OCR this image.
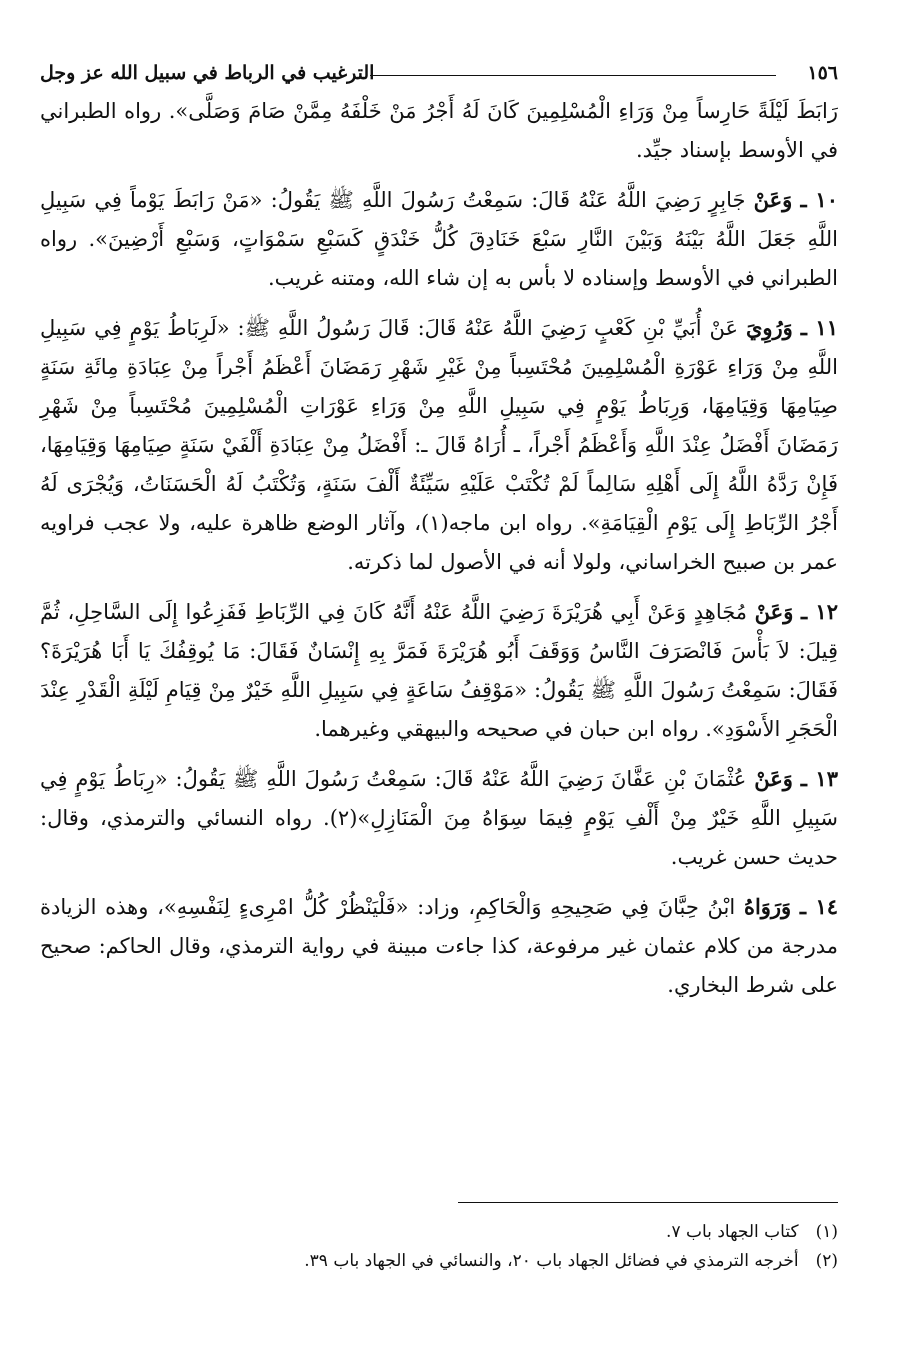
١٥٦
الترغيب في الرباط في سبيل الله عز وجل

رَابَطَ لَيْلَةً حَارِساً مِنْ وَرَاءِ الْمُسْلِمِينَ كَانَ لَهُ أَجْرُ مَنْ خَلْفَهُ مِمَّنْ صَامَ وَصَلَّى». رواه الطبراني في الأوسط بإسناد جيِّد.

١٠ ـ وَعَنْ جَابِرٍ رَضِيَ اللَّهُ عَنْهُ قَالَ: سَمِعْتُ رَسُولَ اللَّهِ ﷺ يَقُولُ: «مَنْ رَابَطَ يَوْماً فِي سَبِيلِ اللَّهِ جَعَلَ اللَّهُ بَيْنَهُ وَبَيْنَ النَّارِ سَبْعَ خَنَادِقَ كُلُّ خَنْدَقٍ كَسَبْعِ سَمْوَاتٍ، وَسَبْعِ أَرْضِينَ». رواه الطبراني في الأوسط وإسناده لا بأس به إن شاء الله، ومتنه غريب.

١١ ـ وَرُوِيَ عَنْ أُبَيِّ بْنِ كَعْبٍ رَضِيَ اللَّهُ عَنْهُ قَالَ: قَالَ رَسُولُ اللَّهِ ﷺ: «لَرِبَاطُ يَوْمٍ فِي سَبِيلِ اللَّهِ مِنْ وَرَاءِ عَوْرَةِ الْمُسْلِمِينَ مُحْتَسِباً مِنْ غَيْرِ شَهْرِ رَمَضَانَ أَعْظَمُ أَجْراً مِنْ عِبَادَةِ مِائَةِ سَنَةٍ صِيَامِهَا وَقِيَامِهَا، وَرِبَاطُ يَوْمٍ فِي سَبِيلِ اللَّهِ مِنْ وَرَاءِ عَوْرَاتِ الْمُسْلِمِينَ مُحْتَسِباً مِنْ شَهْرِ رَمَضَانَ أَفْضَلُ عِنْدَ اللَّهِ وَأَعْظَمُ أَجْراً، ـ أُرَاهُ قَالَ ـ: أَفْضَلُ مِنْ عِبَادَةِ أَلْفَيْ سَنَةٍ صِيَامِهَا وَقِيَامِهَا، فَإِنْ رَدَّهُ اللَّهُ إِلَى أَهْلِهِ سَالِماً لَمْ تُكْتَبْ عَلَيْهِ سَيِّئَةٌ أَلْفَ سَنَةٍ، وَتُكْتَبُ لَهُ الْحَسَنَاتُ، وَيُجْرَى لَهُ أَجْرُ الرِّبَاطِ إِلَى يَوْمِ الْقِيَامَةِ». رواه ابن ماجه(١)، وآثار الوضع ظاهرة عليه، ولا عجب فراويه عمر بن صبيح الخراساني، ولولا أنه في الأصول لما ذكرته.

١٢ ـ وَعَنْ مُجَاهِدٍ وَعَنْ أَبِي هُرَيْرَةَ رَضِيَ اللَّهُ عَنْهُ أَنَّهُ كَانَ فِي الرِّبَاطِ فَفَزِعُوا إِلَى السَّاحِلِ، ثُمَّ قِيلَ: لاَ بَأْسَ فَانْصَرَفَ النَّاسُ وَوَقَفَ أَبُو هُرَيْرَةَ فَمَرَّ بِهِ إِنْسَانٌ فَقَالَ: مَا يُوقِفُكَ يَا أَبَا هُرَيْرَةَ؟ فَقَالَ: سَمِعْتُ رَسُولَ اللَّهِ ﷺ يَقُولُ: «مَوْقِفُ سَاعَةٍ فِي سَبِيلِ اللَّهِ خَيْرٌ مِنْ قِيَامِ لَيْلَةِ الْقَدْرِ عِنْدَ الْحَجَرِ الأَسْوَدِ». رواه ابن حبان في صحيحه والبيهقي وغيرهما.

١٣ ـ وَعَنْ عُثْمَانَ بْنِ عَفَّانَ رَضِيَ اللَّهُ عَنْهُ قَالَ: سَمِعْتُ رَسُولَ اللَّهِ ﷺ يَقُولُ: «رِبَاطُ يَوْمٍ فِي سَبِيلِ اللَّهِ خَيْرٌ مِنْ أَلْفِ يَوْمٍ فِيمَا سِوَاهُ مِنَ الْمَنَازِلِ»(٢). رواه النسائي والترمذي، وقال: حديث حسن غريب.

١٤ ـ وَرَوَاهُ ابْنُ حِبَّانَ فِي صَحِيحِهِ وَالْحَاكِمِ، وزاد: «فَلْيَنْظُرْ كُلُّ امْرِىءٍ لِنَفْسِهِ»، وهذه الزيادة مدرجة من كلام عثمان غير مرفوعة، كذا جاءت مبينة في رواية الترمذي، وقال الحاكم: صحيح على شرط البخاري.

(١) كتاب الجهاد باب ٧.

(٢) أخرجه الترمذي في فضائل الجهاد باب ٢٠، والنسائي في الجهاد باب ٣٩.
